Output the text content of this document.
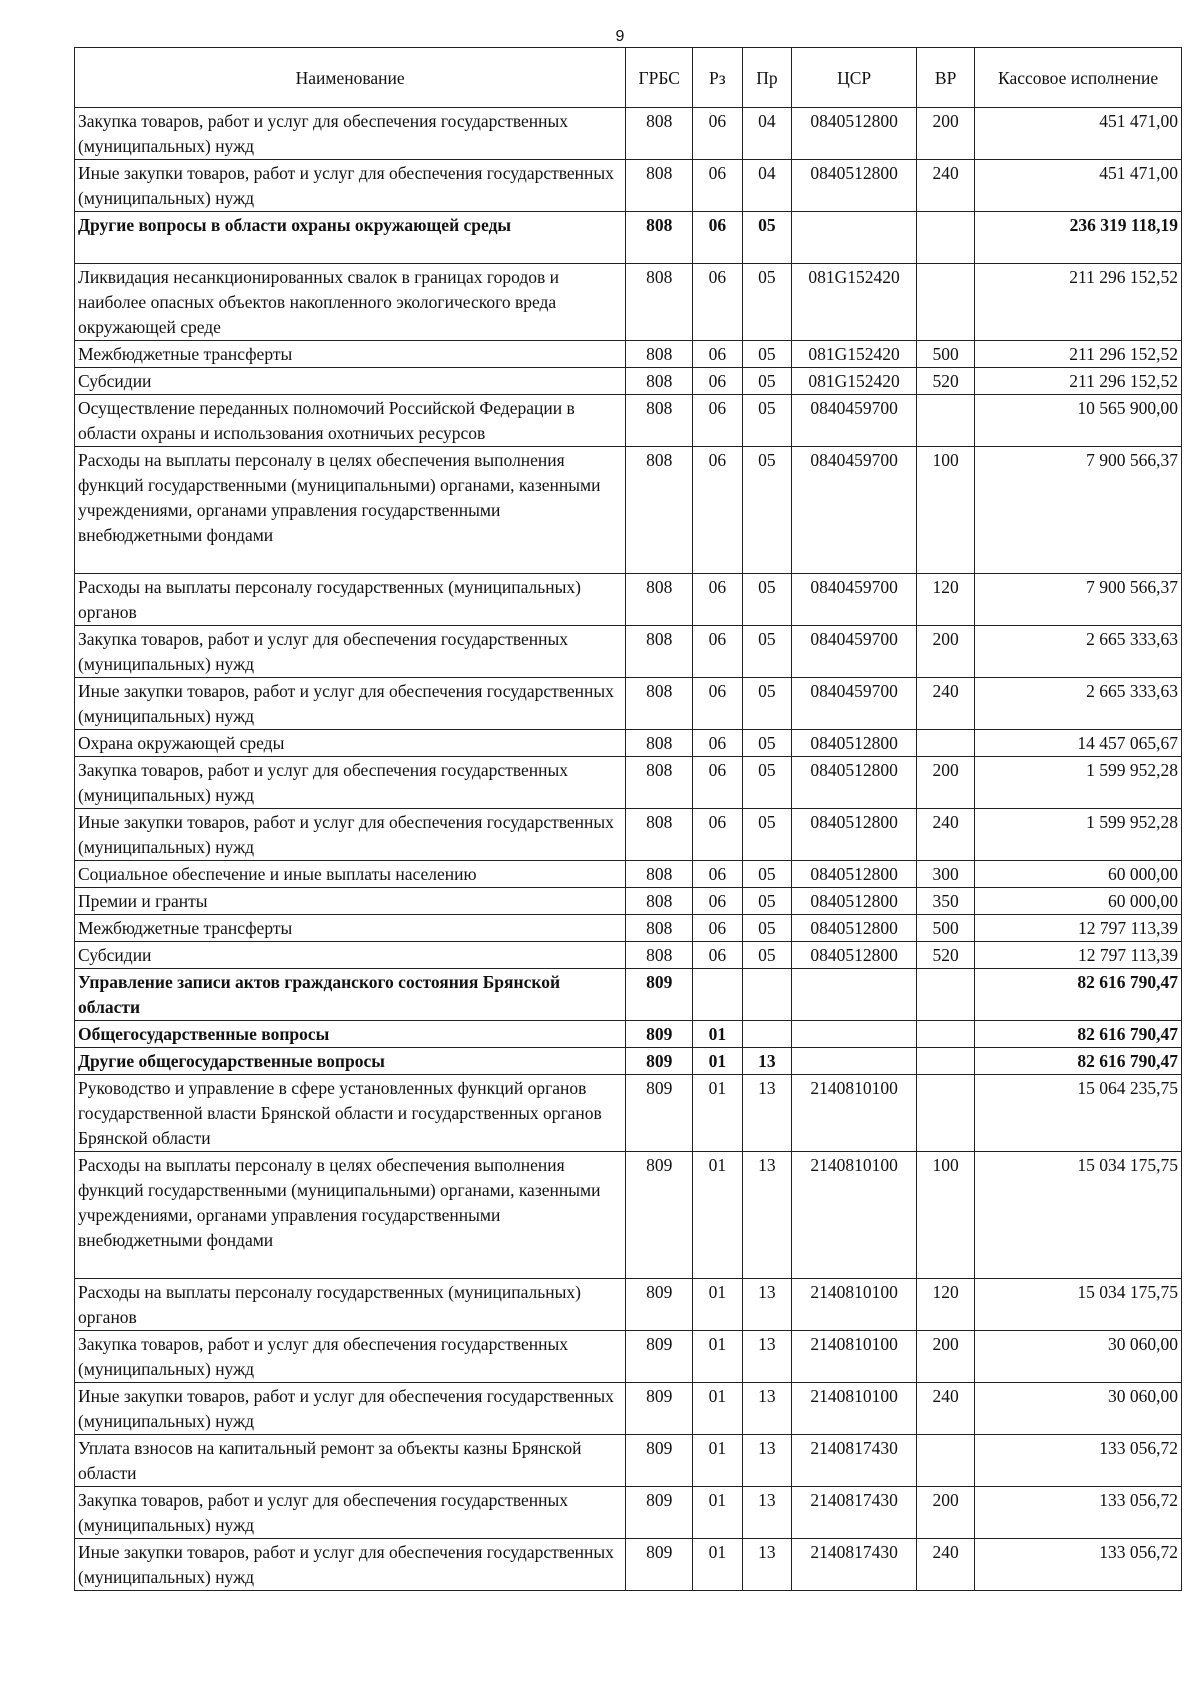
9
Наименование	ГРБС	Рз	Пр	ЦСР	ВР	Кассовое исполнение
Закупка товаров, работ и услуг для обеспечения государственных (муниципальных) нужд	808	06	04	0840512800	200	451 471,00
Иные закупки товаров, работ и услуг для обеспечения государственных (муниципальных) нужд	808	06	04	0840512800	240	451 471,00
Другие вопросы в области охраны окружающей среды	808	06	05			236 319 118,19
Ликвидация несанкционированных свалок в границах городов и наиболее опасных объектов накопленного экологического вреда окружающей среде	808	06	05	081G152420		211 296 152,52
Межбюджетные трансферты	808	06	05	081G152420	500	211 296 152,52
Субсидии	808	06	05	081G152420	520	211 296 152,52
Осуществление переданных полномочий Российской Федерации в области охраны и использования охотничьих ресурсов	808	06	05	0840459700		10 565 900,00
Расходы на выплаты персоналу в целях обеспечения выполнения функций государственными (муниципальными) органами, казенными учреждениями, органами управления государственными внебюджетными фондами	808	06	05	0840459700	100	7 900 566,37
Расходы на выплаты персоналу государственных (муниципальных) органов	808	06	05	0840459700	120	7 900 566,37
Закупка товаров, работ и услуг для обеспечения государственных (муниципальных) нужд	808	06	05	0840459700	200	2 665 333,63
Иные закупки товаров, работ и услуг для обеспечения государственных (муниципальных) нужд	808	06	05	0840459700	240	2 665 333,63
Охрана окружающей среды	808	06	05	0840512800		14 457 065,67
Закупка товаров, работ и услуг для обеспечения государственных (муниципальных) нужд	808	06	05	0840512800	200	1 599 952,28
Иные закупки товаров, работ и услуг для обеспечения государственных (муниципальных) нужд	808	06	05	0840512800	240	1 599 952,28
Социальное обеспечение и иные выплаты населению	808	06	05	0840512800	300	60 000,00
Премии и гранты	808	06	05	0840512800	350	60 000,00
Межбюджетные трансферты	808	06	05	0840512800	500	12 797 113,39
Субсидии	808	06	05	0840512800	520	12 797 113,39
Управление записи актов гражданского состояния Брянской области	809					82 616 790,47
Общегосударственные вопросы	809	01				82 616 790,47
Другие общегосударственные вопросы	809	01	13			82 616 790,47
Руководство и управление в сфере установленных функций органов государственной власти Брянской области и государственных органов Брянской области	809	01	13	2140810100		15 064 235,75
Расходы на выплаты персоналу в целях обеспечения выполнения функций государственными (муниципальными) органами, казенными учреждениями, органами управления государственными внебюджетными фондами	809	01	13	2140810100	100	15 034 175,75
Расходы на выплаты персоналу государственных (муниципальных) органов	809	01	13	2140810100	120	15 034 175,75
Закупка товаров, работ и услуг для обеспечения государственных (муниципальных) нужд	809	01	13	2140810100	200	30 060,00
Иные закупки товаров, работ и услуг для обеспечения государственных (муниципальных) нужд	809	01	13	2140810100	240	30 060,00
Уплата взносов на капитальный ремонт за объекты казны Брянской области	809	01	13	2140817430		133 056,72
Закупка товаров, работ и услуг для обеспечения государственных (муниципальных) нужд	809	01	13	2140817430	200	133 056,72
Иные закупки товаров, работ и услуг для обеспечения государственных (муниципальных) нужд	809	01	13	2140817430	240	133 056,72
